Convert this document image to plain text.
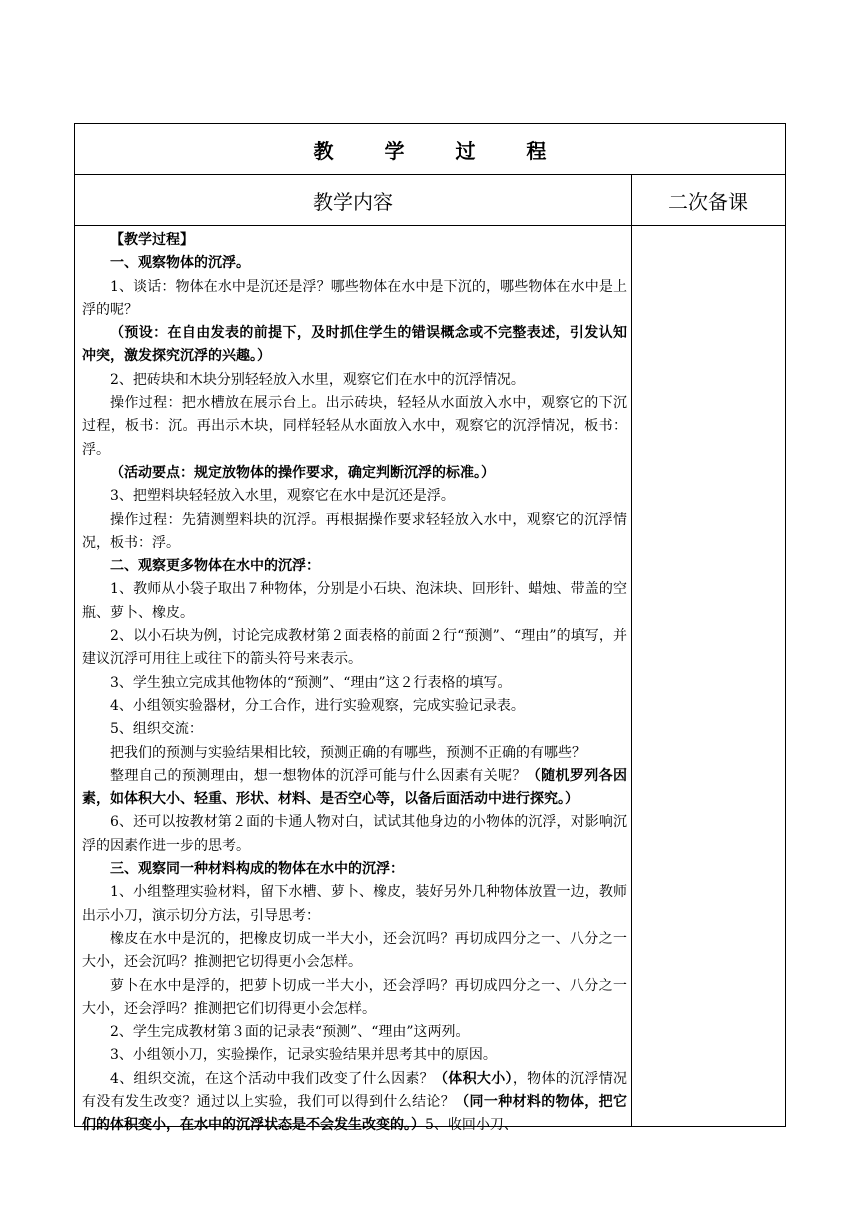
教 学 过 程
教学内容	二次备课

【教学过程】

一、观察物体的沉浮。

1、谈话：物体在水中是沉还是浮？哪些物体在水中是下沉的，哪些物体在水中是上浮的呢？

（预设：在自由发表的前提下，及时抓住学生的错误概念或不完整表述，引发认知冲突，激发探究沉浮的兴趣。）

2、把砖块和木块分别轻轻放入水里，观察它们在水中的沉浮情况。

操作过程：把水槽放在展示台上。出示砖块，轻轻从水面放入水中，观察它的下沉过程，板书：沉。再出示木块，同样轻轻从水面放入水中，观察它的沉浮情况，板书：浮。

（活动要点：规定放物体的操作要求，确定判断沉浮的标准。）

3、把塑料块轻轻放入水里，观察它在水中是沉还是浮。

操作过程：先猜测塑料块的沉浮。再根据操作要求轻轻放入水中，观察它的沉浮情况，板书：浮。

二、观察更多物体在水中的沉浮：

1、教师从小袋子取出７种物体，分别是小石块、泡沫块、回形针、蜡烛、带盖的空瓶、萝卜、橡皮。

2、以小石块为例，讨论完成教材第２面表格的前面２行“预测”、“理由”的填写，并建议沉浮可用往上或往下的箭头符号来表示。

3、学生独立完成其他物体的“预测”、“理由”这２行表格的填写。

4、小组领实验器材，分工合作，进行实验观察，完成实验记录表。

5、组织交流：

把我们的预测与实验结果相比较，预测正确的有哪些，预测不正确的有哪些？

整理自己的预测理由，想一想物体的沉浮可能与什么因素有关呢？（随机罗列各因素，如体积大小、轻重、形状、材料、是否空心等，以备后面活动中进行探究。）

6、还可以按教材第２面的卡通人物对白，试试其他身边的小物体的沉浮，对影响沉浮的因素作进一步的思考。

三、观察同一种材料构成的物体在水中的沉浮：

1、小组整理实验材料，留下水槽、萝卜、橡皮，装好另外几种物体放置一边，教师出示小刀，演示切分方法，引导思考：

橡皮在水中是沉的，把橡皮切成一半大小，还会沉吗？再切成四分之一、八分之一大小，还会沉吗？推测把它切得更小会怎样。

萝卜在水中是浮的，把萝卜切成一半大小，还会浮吗？再切成四分之一、八分之一大小，还会浮吗？推测把它们切得更小会怎样。

2、学生完成教材第３面的记录表“预测”、“理由”这两列。

3、小组领小刀，实验操作，记录实验结果并思考其中的原因。

4、组织交流，在这个活动中我们改变了什么因素？（体积大小），物体的沉浮情况有没有发生改变？通过以上实验，我们可以得到什么结论？（同一种材料的物体，把它们的体积变小，在水中的沉浮状态是不会发生改变的。）5、收回小刀、
